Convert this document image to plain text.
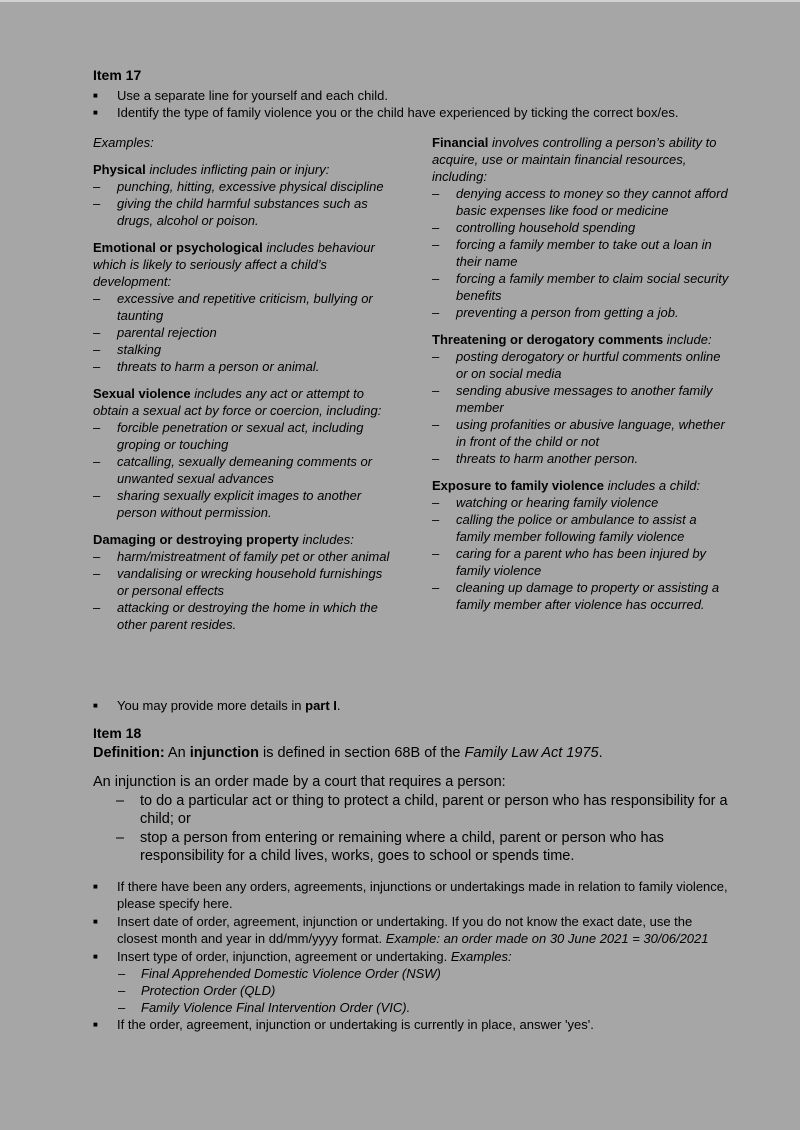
Item 17
■ Use a separate line for yourself and each child.
■ Identify the type of family violence you or the child have experienced by ticking the correct box/es.

Examples:

Physical includes inflicting pain or injury:

– punching, hitting, excessive physical discipline
– giving the child harmful substances such as drugs, alcohol or poison.

Emotional or psychological includes behaviour which is likely to seriously affect a child’s development:

– excessive and repetitive criticism, bullying or taunting
– parental rejection
– stalking
– threats to harm a person or animal.

Sexual violence includes any act or attempt to obtain a sexual act by force or coercion, including:

– forcible penetration or sexual act, including groping or touching
– catcalling, sexually demeaning comments or unwanted sexual advances
– sharing sexually explicit images to another person without permission.

Damaging or destroying property includes:

– harm/mistreatment of family pet or other animal
– vandalising or wrecking household furnishings or personal effects
– attacking or destroying the home in which the other parent resides.

Financial involves controlling a person’s ability to acquire, use or maintain financial resources, including:

– denying access to money so they cannot afford basic expenses like food or medicine
– controlling household spending
– forcing a family member to take out a loan in their name
– forcing a family member to claim social security benefits
– preventing a person from getting a job.

Threatening or derogatory comments include:

– posting derogatory or hurtful comments online or on social media
– sending abusive messages to another family member
– using profanities or abusive language, whether in front of the child or not
– threats to harm another person.

Exposure to family violence includes a child:

– watching or hearing family violence
– calling the police or ambulance to assist a family member following family violence
– caring for a parent who has been injured by family violence
– cleaning up damage to property or assisting a family member after violence has occurred.
■ You may provide more details in part I.
Item 18
Definition: An injunction is defined in section 68B of the Family Law Act 1975.
An injunction is an order made by a court that requires a person:
– to do a particular act or thing to protect a child, parent or person who has responsibility for a child; or
– stop a person from entering or remaining where a child, parent or person who has responsibility for a child lives, works, goes to school or spends time.
■ If there have been any orders, agreements, injunctions or undertakings made in relation to family violence, please specify here.
■ Insert date of order, agreement, injunction or undertaking. If you do not know the exact date, use the closest month and year in dd/mm/yyyy format. Example: an order made on 30 June 2021 = 30/06/2021
■ Insert type of order, injunction, agreement or undertaking. Examples:
– Final Apprehended Domestic Violence Order (NSW)
– Protection Order (QLD)
– Family Violence Final Intervention Order (VIC).
■ If the order, agreement, injunction or undertaking is currently in place, answer 'yes'.
